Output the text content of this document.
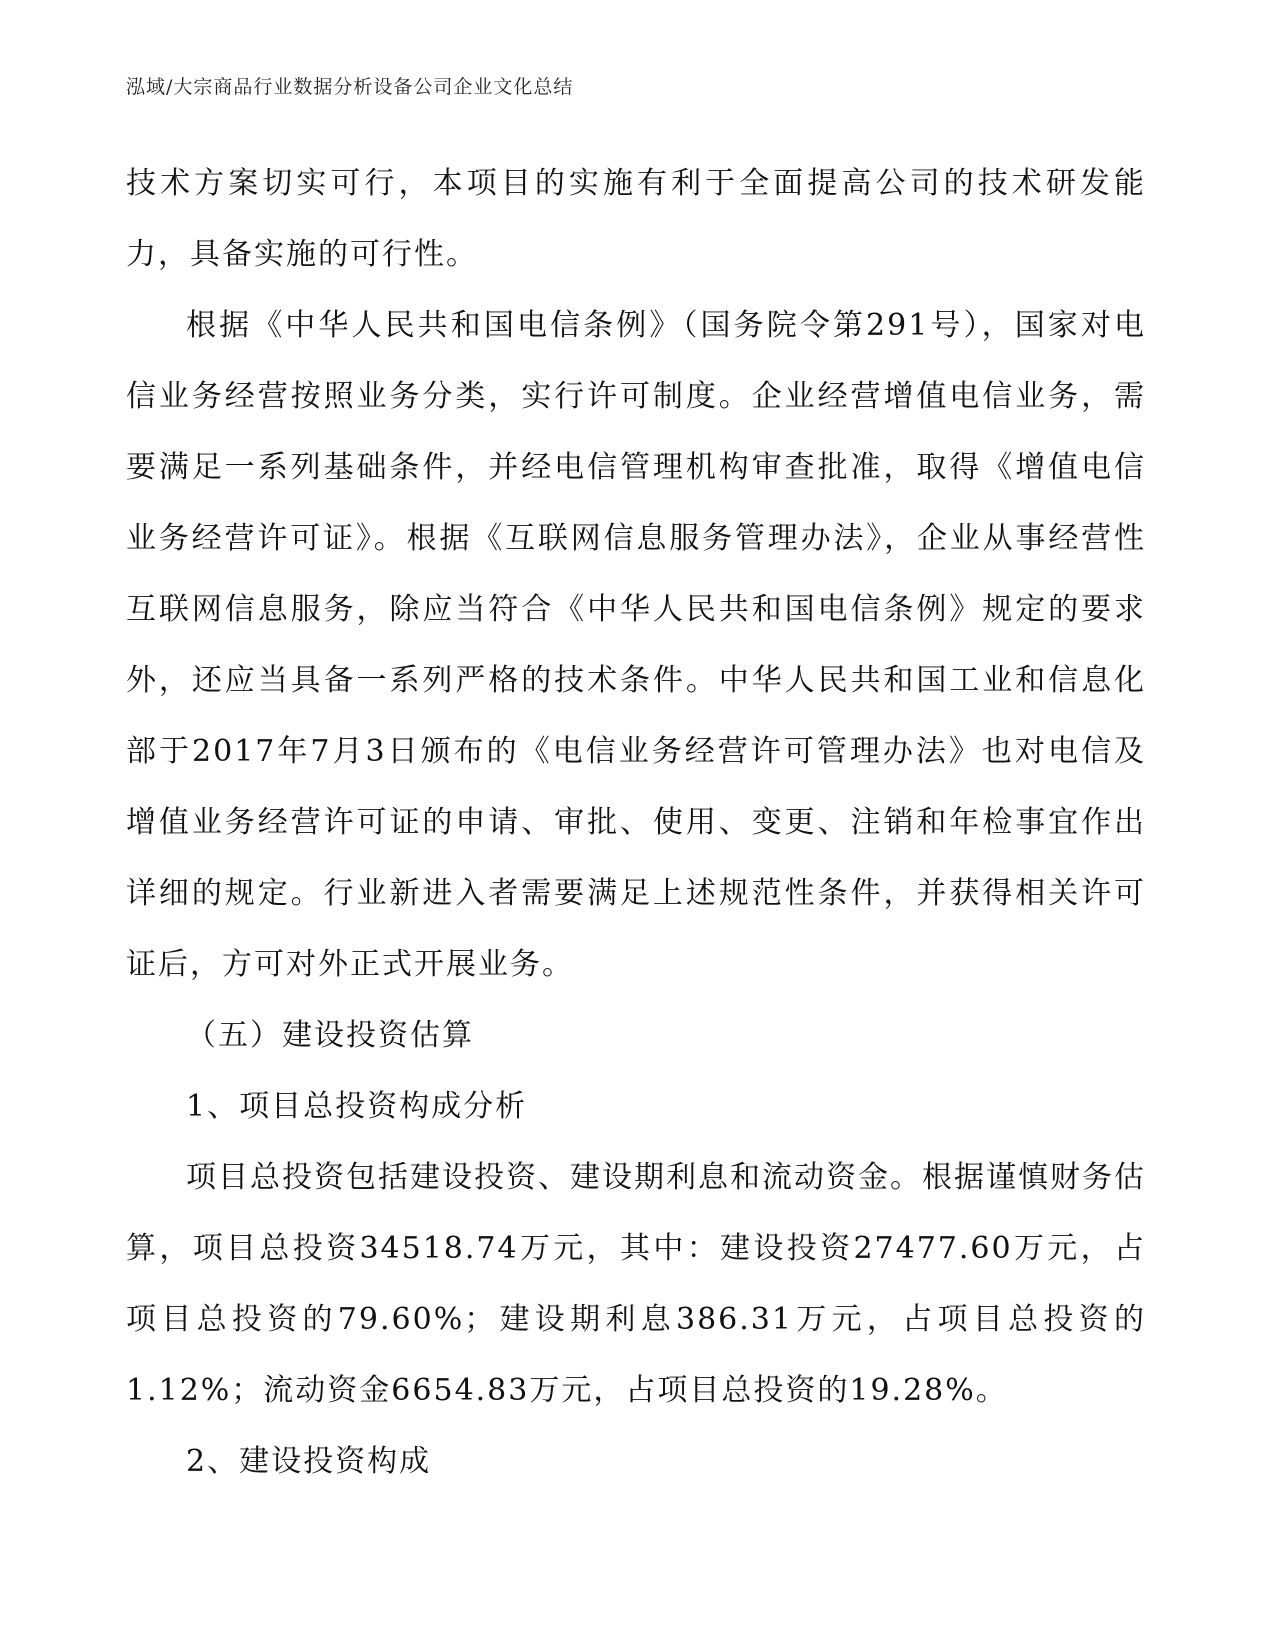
泓域/大宗商品行业数据分析设备公司企业文化总结

技术方案切实可行，本项目的实施有利于全面提高公司的技术研发能力，具备实施的可行性。

根据《中华人民共和国电信条例》（国务院令第291号），国家对电信业务经营按照业务分类，实行许可制度。企业经营增值电信业务，需要满足一系列基础条件，并经电信管理机构审查批准，取得《增值电信业务经营许可证》。根据《互联网信息服务管理办法》，企业从事经营性互联网信息服务，除应当符合《中华人民共和国电信条例》规定的要求外，还应当具备一系列严格的技术条件。中华人民共和国工业和信息化部于2017年7月3日颁布的《电信业务经营许可管理办法》也对电信及增值业务经营许可证的申请、审批、使用、变更、注销和年检事宜作出详细的规定。行业新进入者需要满足上述规范性条件，并获得相关许可证后，方可对外正式开展业务。

（五）建设投资估算

1、项目总投资构成分析

项目总投资包括建设投资、建设期利息和流动资金。根据谨慎财务估算，项目总投资34518.74万元，其中：建设投资27477.60万元，占项目总投资的79.60%；建设期利息386.31万元，占项目总投资的1.12%；流动资金6654.83万元，占项目总投资的19.28%。

2、建设投资构成
